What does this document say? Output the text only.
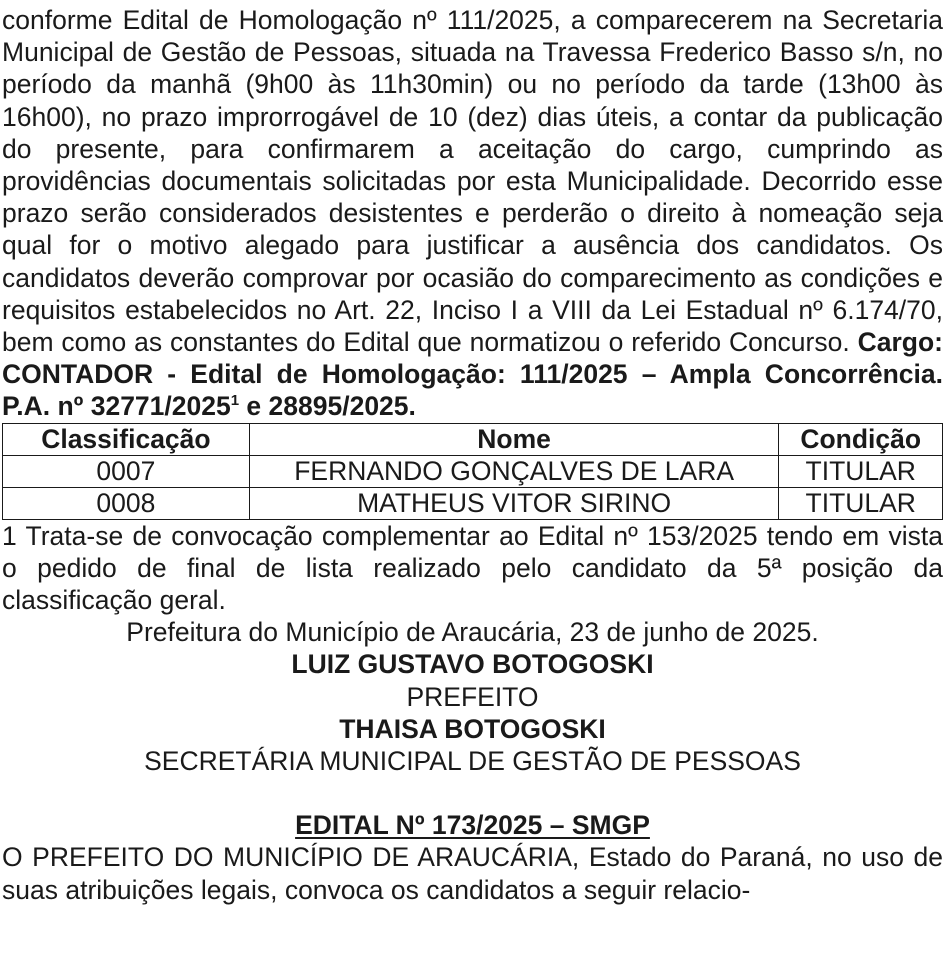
conforme Edital de Homologação nº 111/2025, a comparecerem na Secretaria Municipal de Gestão de Pessoas, situada na Travessa Frederico Basso s/n, no período da manhã (9h00 às 11h30min) ou no período da tarde (13h00 às 16h00), no prazo improrrogável de 10 (dez) dias úteis, a contar da publicação do presente, para confirmarem a aceitação do cargo, cumprindo as providências documentais solicitadas por esta Municipalidade. Decorrido esse prazo serão considerados desistentes e perderão o direito à nomeação seja qual for o motivo alegado para justificar a ausência dos candidatos. Os candidatos deverão comprovar por ocasião do comparecimento as condições e requisitos estabelecidos no Art. 22, Inciso I a VIII da Lei Estadual nº 6.174/70, bem como as constantes do Edital que normatizou o referido Concurso. Cargo: CONTADOR - Edital de Homologação: 111/2025 – Ampla Concorrência. P.A. nº 32771/2025$^1$ e 28895/2025.

Classificação	Nome	Condição
0007	FERNANDO GONÇALVES DE LARA	TITULAR
0008	MATHEUS VITOR SIRINO	TITULAR

1 Trata-se de convocação complementar ao Edital nº 153/2025 tendo em vista o pedido de final de lista realizado pelo candidato da 5ª posição da classificação geral.

Prefeitura do Município de Araucária, 23 de junho de 2025.

LUIZ GUSTAVO BOTOGOSKI

PREFEITO

THAISA BOTOGOSKI

SECRETÁRIA MUNICIPAL DE GESTÃO DE PESSOAS

EDITAL Nº 173/2025 – SMGP

O PREFEITO DO MUNICÍPIO DE ARAUCÁRIA, Estado do Paraná, no uso de suas atribuições legais, convoca os candidatos a seguir relacio-
